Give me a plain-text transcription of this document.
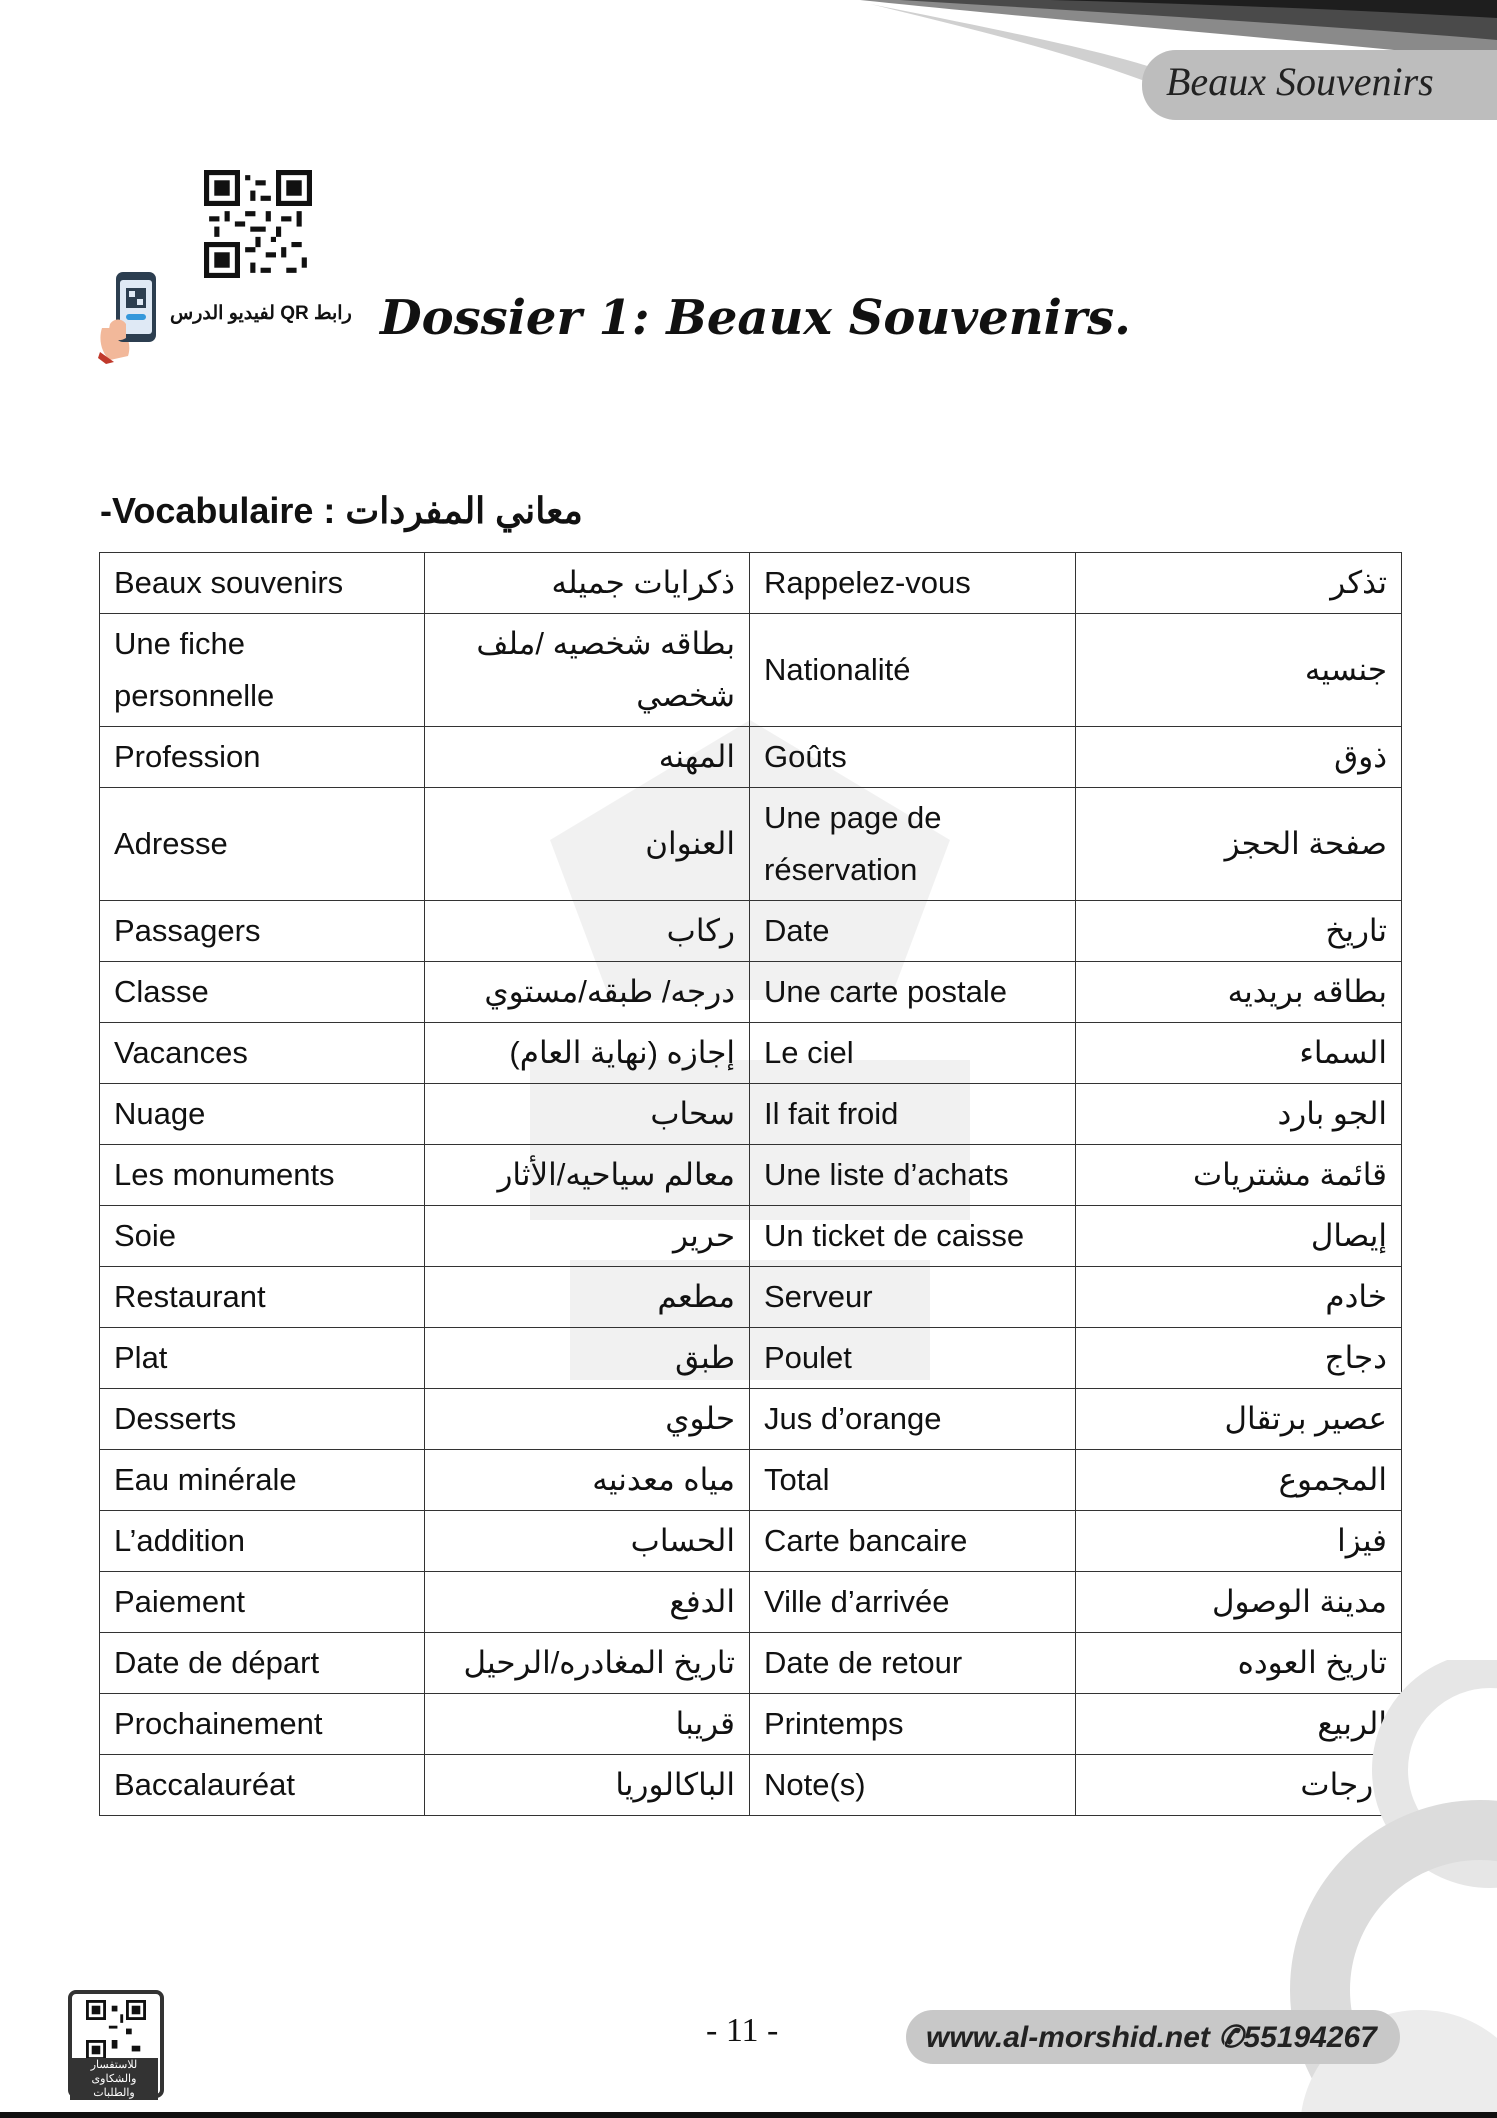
Beaux Souvenirs
رابط QR لفيديو الدرس Dossier 1: Beaux Souvenirs.
-Vocabulaire : معاني المفردات
Beaux souvenirs	ذكرايات جميله	Rappelez-vous	تذكر
Une fiche personnelle	بطاقه شخصيه /ملف شخصي	Nationalité	جنسيه
Profession	المهنه	Goûts	ذوق
Adresse	العنوان	Une page de réservation	صفحة الحجز
Passagers	ركاب	Date	تاريخ
Classe	درجه/ طبقه/مستوي	Une carte postale	بطاقه بريديه
Vacances	إجازه (نهاية العام)	Le ciel	السماء
Nuage	سحاب	Il fait froid	الجو بارد
Les monuments	معالم سياحيه/الأثار	Une liste d’achats	قائمة مشتريات
Soie	حرير	Un ticket de caisse	إيصال
Restaurant	مطعم	Serveur	خادم
Plat	طبق	Poulet	دجاج
Desserts	حلوي	Jus d’orange	عصير برتقال
Eau minérale	مياه معدنيه	Total	المجموع
L’addition	الحساب	Carte bancaire	فيزا
Paiement	الدفع	Ville d’arrivée	مدينة الوصول
Date de départ	تاريخ المغادره/الرحيل	Date de retour	تاريخ العوده
Prochainement	قريبا	Printemps	الربيع
Baccalauréat	الباكالوريا	Note(s)	درجات
للاستفسار والشكاوى والطلبات
- 11 -	www.al-morshid.net ✆55194267
